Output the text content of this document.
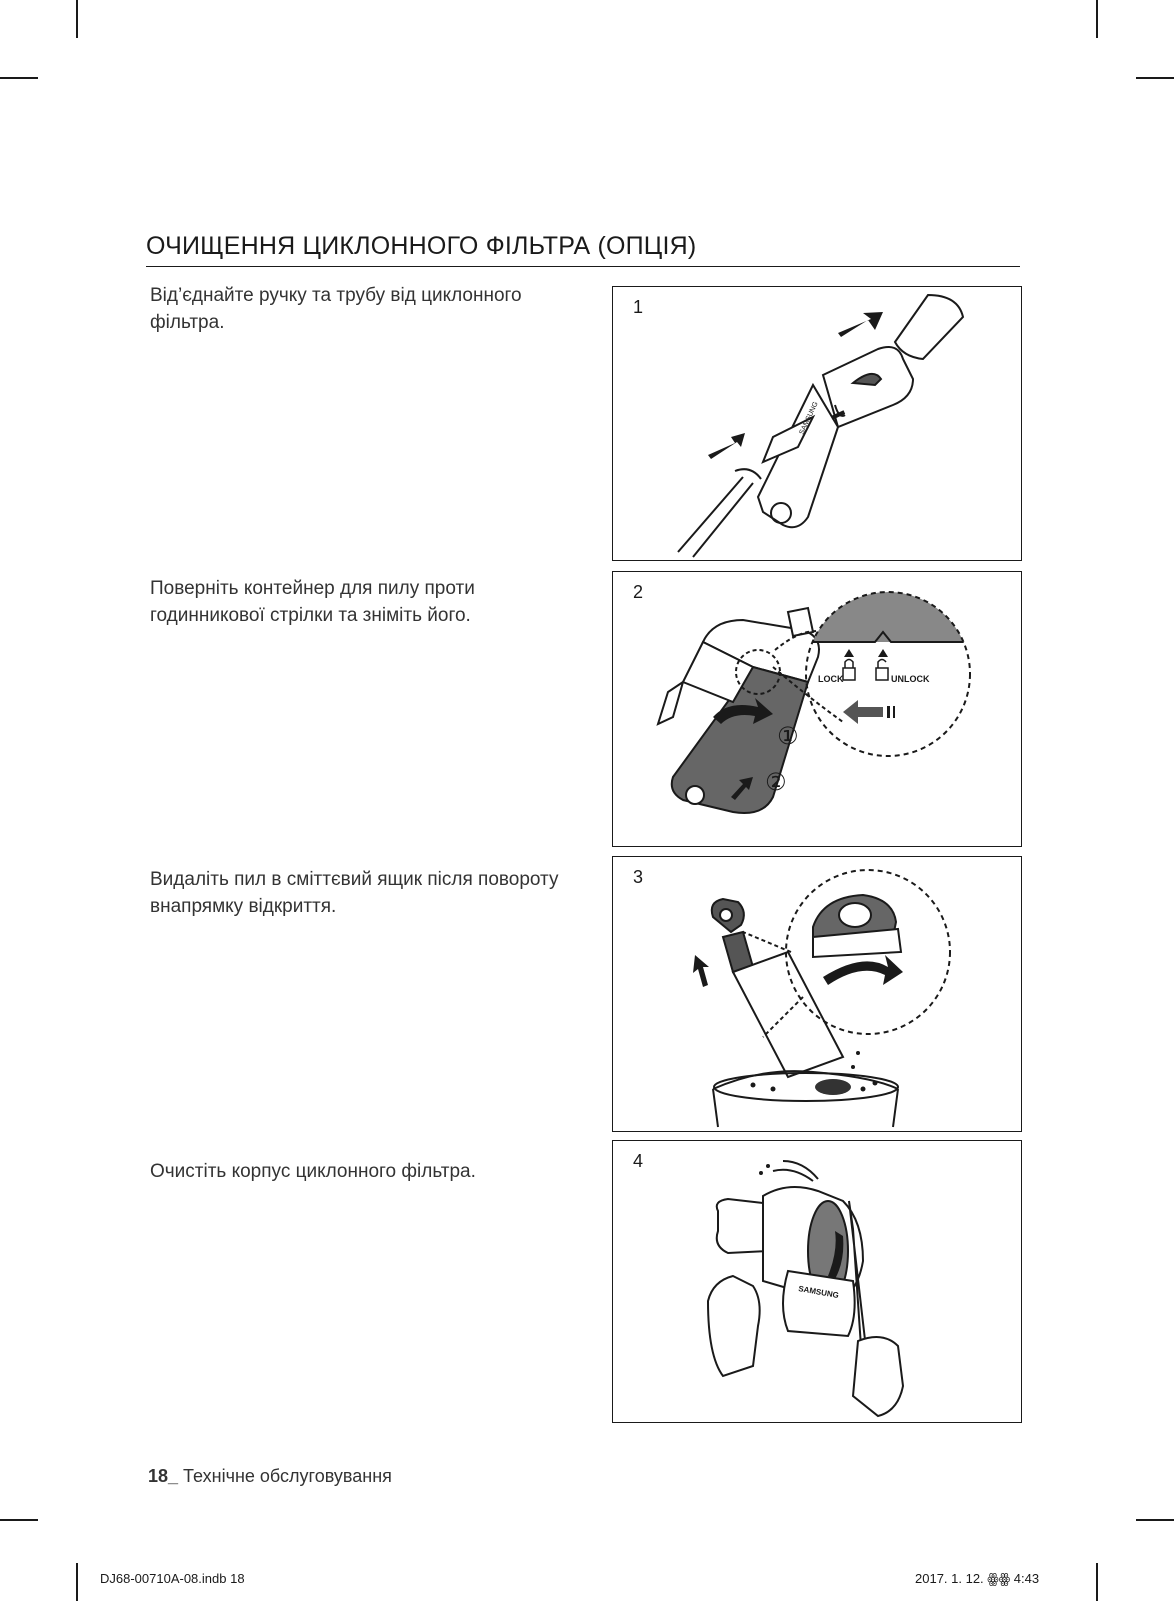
ОЧИЩЕННЯ ЦИКЛОННОГО ФІЛЬТРА (ОПЦІЯ)
Від’єднайте ручку та трубу від циклонного фільтра.
Поверніть контейнер для пилу проти годинникової стрілки та зніміть його.
Видаліть пил в сміттєвий ящик після повороту внапрямку відкриття.
Очистіть корпус циклонного фільтра.
SAMSUNG
1
LOCK	UNLOCK
①
②
2
3
SAMSUNG
4
18_ Технічне обслуговування
DJ68-00710A-08.indb 18	2017. 1. 12. ꙮꙮ 4:43
